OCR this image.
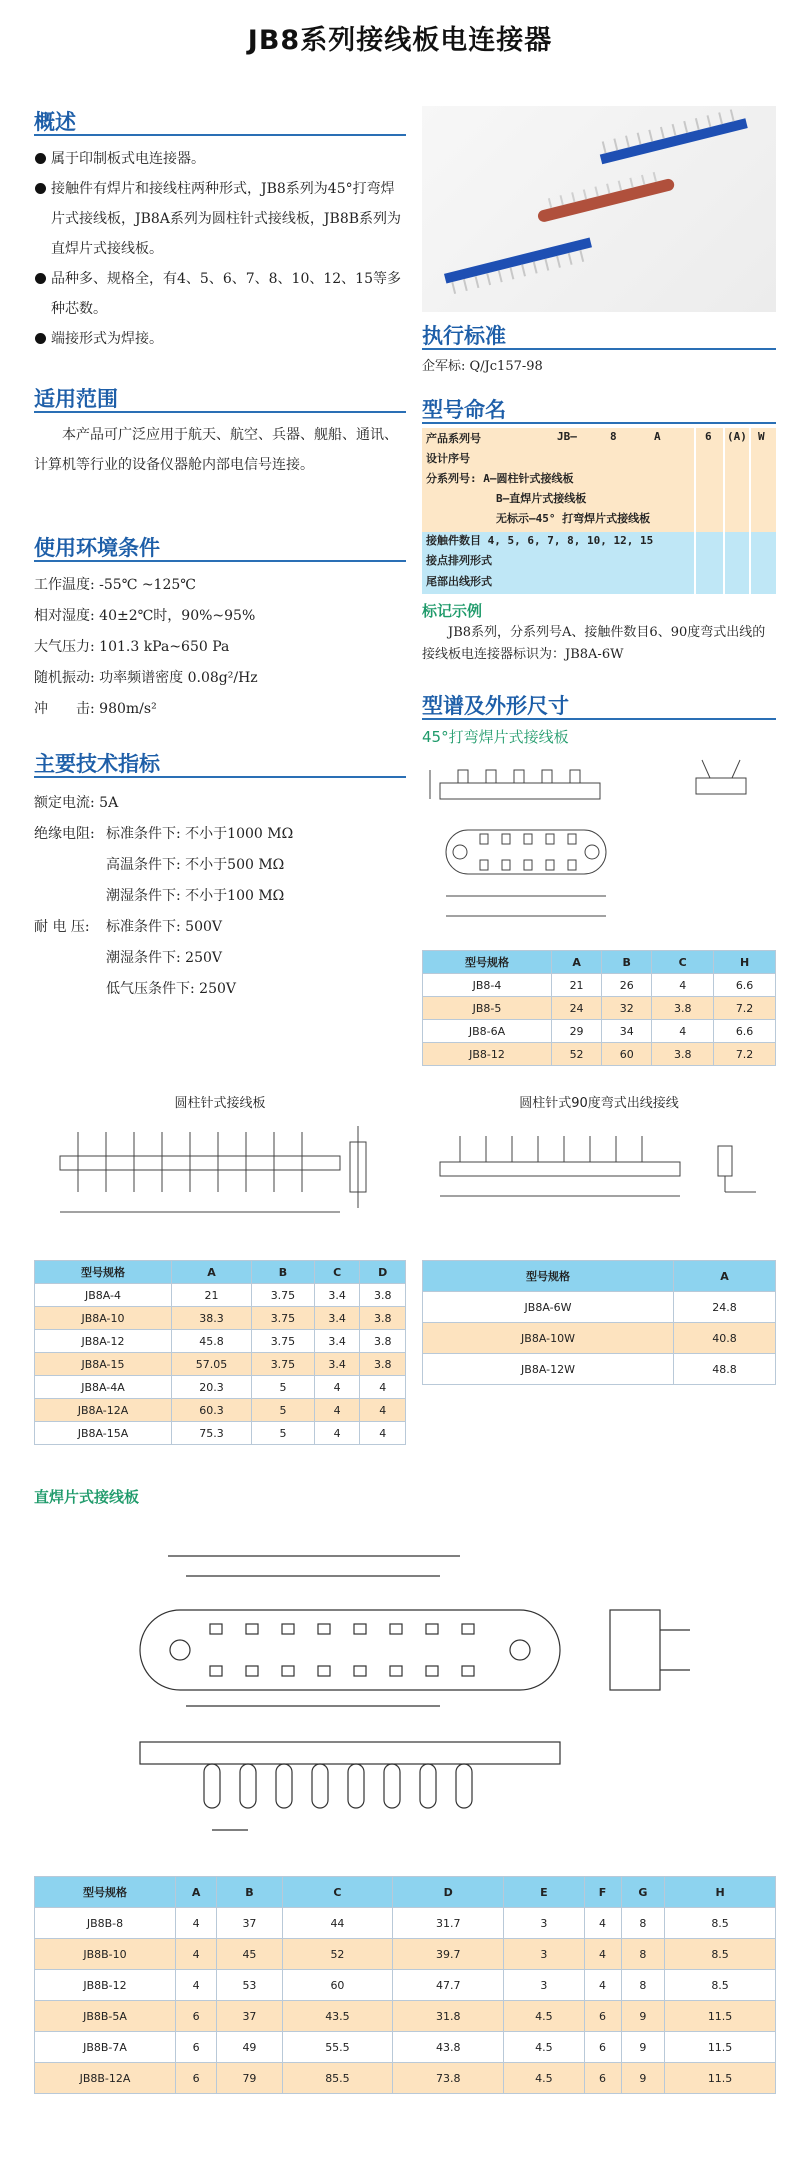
JB8系列接线板电连接器
概述
属于印制板式电连接器。
接触件有焊片和接线柱两种形式，JB8系列为45°打弯焊片式接线板，JB8A系列为圆柱针式接线板，JB8B系列为直焊片式接线板。
品种多、规格全，有4、5、6、7、8、10、12、15等多种芯数。
端接形式为焊接。
适用范围
本产品可广泛应用于航天、航空、兵器、舰船、通讯、计算机等行业的设备仪器舱内部电信号连接。
使用环境条件
工作温度: -55℃ ~125℃
相对湿度: 40±2℃时，90%~95%
大气压力: 101.3 kPa~650 Pa
随机振动: 功率频谱密度 0.08g²/Hz
冲　　击: 980m/s²
主要技术指标
额定电流: 5A
绝缘电阻: 标准条件下: 不小于1000 MΩ
高温条件下: 不小于500 MΩ
潮湿条件下: 不小于100 MΩ
耐 电 压: 标准条件下: 500V
潮湿条件下: 250V
低气压条件下: 250V
执行标准
企军标: Q/Jc157-98
型号命名
产品系列号	JB—	8	A	6 (A) W
设计序号
分系列号: A—圆柱针式接线板
B—直焊片式接线板
无标示—45° 打弯焊片式接线板
接触件数目 4, 5, 6, 7, 8, 10, 12, 15
接点排列形式
尾部出线形式
标记示例
JB8系列，分系列号A、接触件数目6、90度弯式出线的接线板电连接器标识为：JB8A-6W
型谱及外形尺寸
45°打弯焊片式接线板
型号规格	A	B	C	H
JB8-4	21	26	4	6.6
JB8-5	24	32	3.8	7.2
JB8-6A	29	34	4	6.6
JB8-12	52	60	3.8	7.2
圆柱针式接线板	圆柱针式90度弯式出线接线
型号规格	A	B	C	D
JB8A-4	21	3.75	3.4	3.8
JB8A-10	38.3	3.75	3.4	3.8
JB8A-12	45.8	3.75	3.4	3.8
JB8A-15	57.05	3.75	3.4	3.8
JB8A-4A	20.3	5	4	4
JB8A-12A	60.3	5	4	4
JB8A-15A	75.3	5	4	4
型号规格	A
JB8A-6W	24.8
JB8A-10W	40.8
JB8A-12W	48.8
直焊片式接线板
型号规格	A	B	C	D	E	F	G	H
JB8B-8	4	37	44	31.7	3	4	8	8.5
JB8B-10	4	45	52	39.7	3	4	8	8.5
JB8B-12	4	53	60	47.7	3	4	8	8.5
JB8B-5A	6	37	43.5	31.8	4.5	6	9	11.5
JB8B-7A	6	49	55.5	43.8	4.5	6	9	11.5
JB8B-12A	6	79	85.5	73.8	4.5	6	9	11.5
